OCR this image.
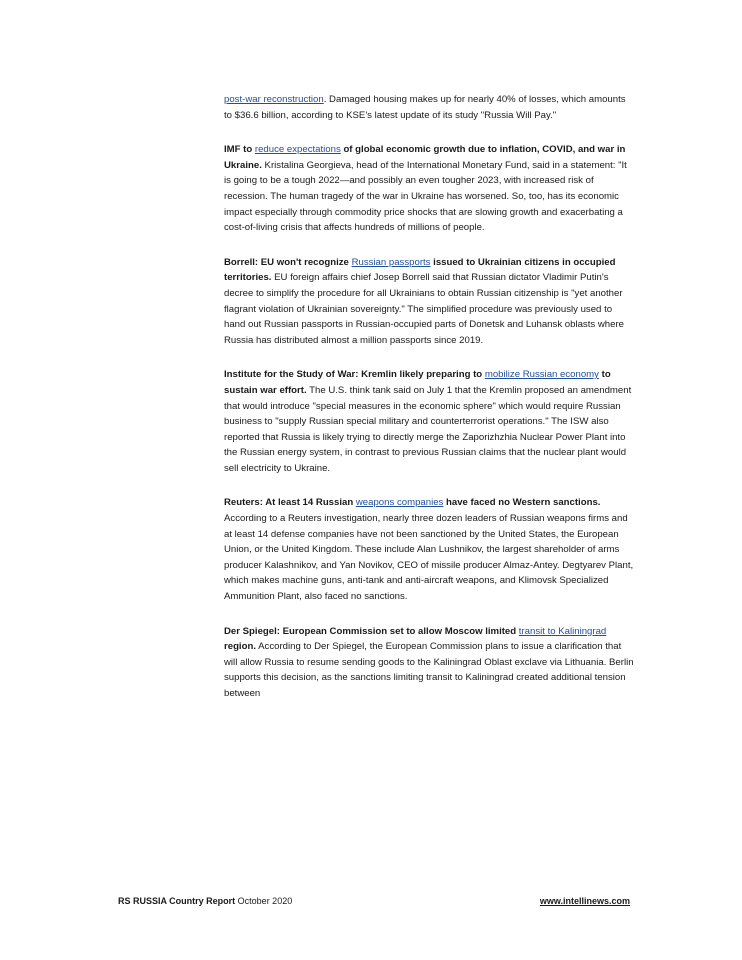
post-war reconstruction. Damaged housing makes up for nearly 40% of losses, which amounts to $36.6 billion, according to KSE's latest update of its study "Russia Will Pay."

IMF to reduce expectations of global economic growth due to inflation, COVID, and war in Ukraine. Kristalina Georgieva, head of the International Monetary Fund, said in a statement: "It is going to be a tough 2022—and possibly an even tougher 2023, with increased risk of recession. The human tragedy of the war in Ukraine has worsened. So, too, has its economic impact especially through commodity price shocks that are slowing growth and exacerbating a cost-of-living crisis that affects hundreds of millions of people.

Borrell: EU won't recognize Russian passports issued to Ukrainian citizens in occupied territories. EU foreign affairs chief Josep Borrell said that Russian dictator Vladimir Putin's decree to simplify the procedure for all Ukrainians to obtain Russian citizenship is "yet another flagrant violation of Ukrainian sovereignty." The simplified procedure was previously used to hand out Russian passports in Russian-occupied parts of Donetsk and Luhansk oblasts where Russia has distributed almost a million passports since 2019.

Institute for the Study of War: Kremlin likely preparing to mobilize Russian economy to sustain war effort. The U.S. think tank said on July 1 that the Kremlin proposed an amendment that would introduce "special measures in the economic sphere" which would require Russian business to "supply Russian special military and counterterrorist operations." The ISW also reported that Russia is likely trying to directly merge the Zaporizhzhia Nuclear Power Plant into the Russian energy system, in contrast to previous Russian claims that the nuclear plant would sell electricity to Ukraine.

Reuters: At least 14 Russian weapons companies have faced no Western sanctions. According to a Reuters investigation, nearly three dozen leaders of Russian weapons firms and at least 14 defense companies have not been sanctioned by the United States, the European Union, or the United Kingdom. These include Alan Lushnikov, the largest shareholder of arms producer Kalashnikov, and Yan Novikov, CEO of missile producer Almaz-Antey. Degtyarev Plant, which makes machine guns, anti-tank and anti-aircraft weapons, and Klimovsk Specialized Ammunition Plant, also faced no sanctions.

Der Spiegel: European Commission set to allow Moscow limited transit to Kaliningrad region. According to Der Spiegel, the European Commission plans to issue a clarification that will allow Russia to resume sending goods to the Kaliningrad Oblast exclave via Lithuania. Berlin supports this decision, as the sanctions limiting transit to Kaliningrad created additional tension between

RS RUSSIA Country Report October 2020	www.intellinews.com
